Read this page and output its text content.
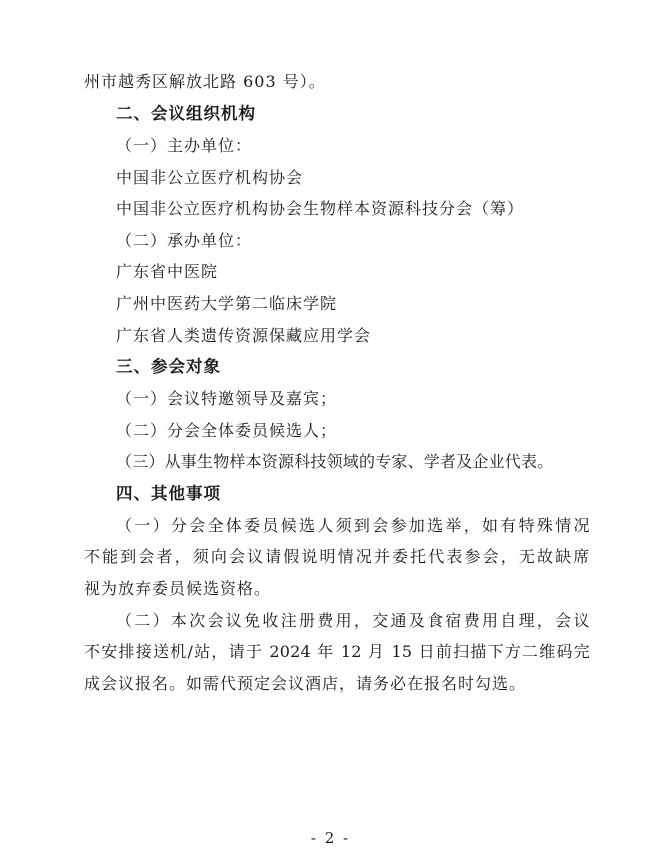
州市越秀区解放北路 603 号）。
二、会议组织机构
（一）主办单位：
中国非公立医疗机构协会
中国非公立医疗机构协会生物样本资源科技分会（筹）
（二）承办单位：
广东省中医院
广州中医药大学第二临床学院
广东省人类遗传资源保藏应用学会
三、参会对象
（一）会议特邀领导及嘉宾；
（二）分会全体委员候选人；
（三）从事生物样本资源科技领域的专家、学者及企业代表。
四、其他事项
（一）分会全体委员候选人须到会参加选举，如有特殊情况
不能到会者，须向会议请假说明情况并委托代表参会，无故缺席
视为放弃委员候选资格。
（二）本次会议免收注册费用，交通及食宿费用自理，会议
不安排接送机/站，请于 2024 年 12 月 15 日前扫描下方二维码完
成会议报名。如需代预定会议酒店，请务必在报名时勾选。
- 2 -
